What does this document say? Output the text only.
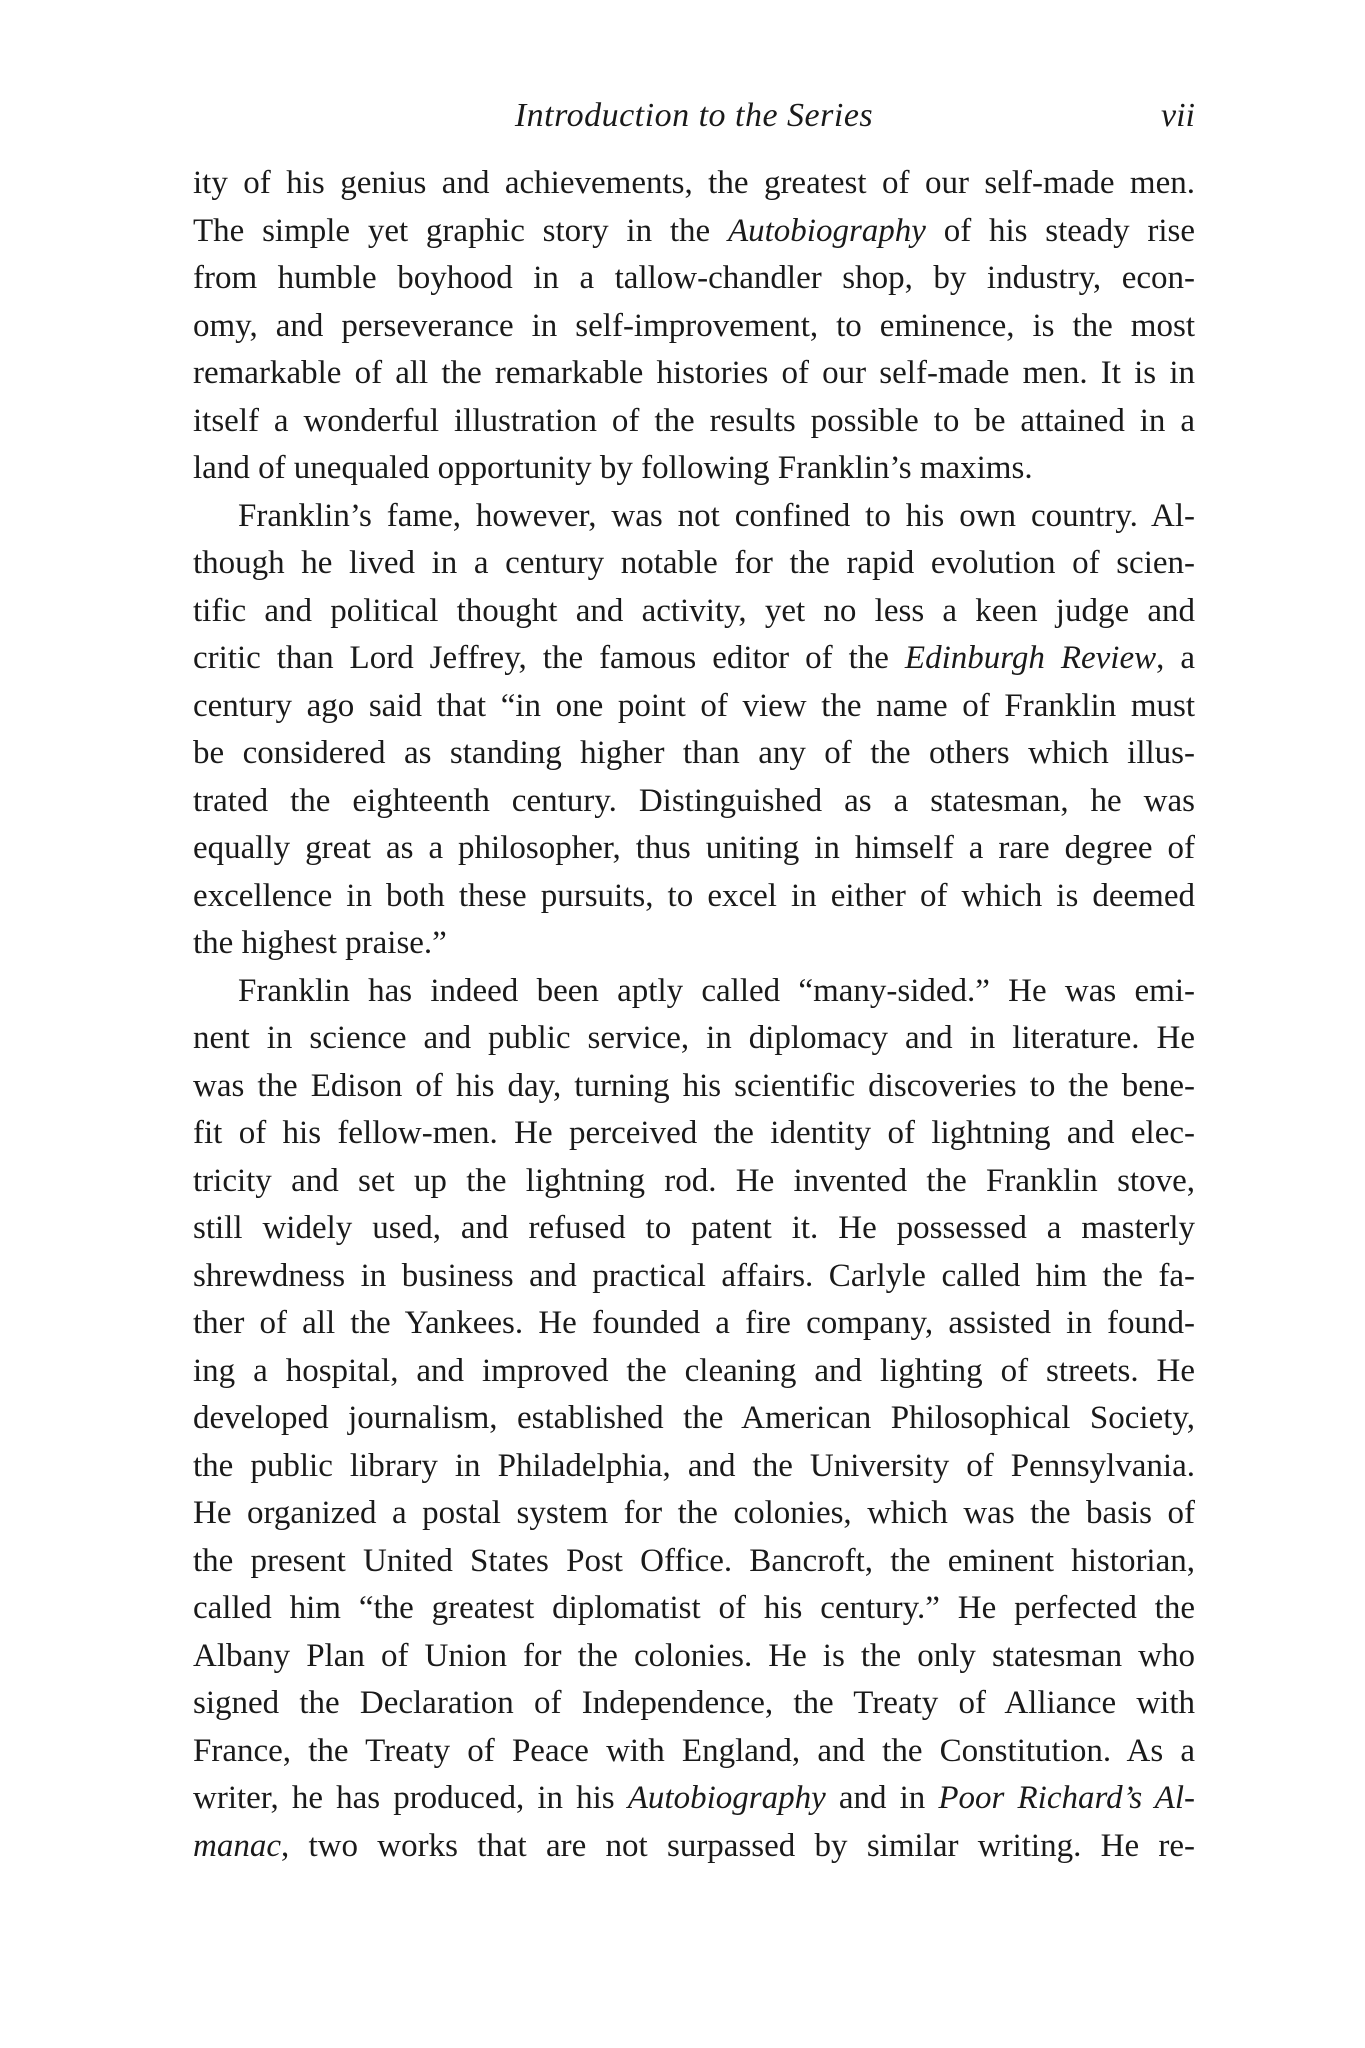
Introduction to the Series	vii
ity of his genius and achievements, the greatest of our self-made men.
The simple yet graphic story in the Autobiography of his steady rise
from humble boyhood in a tallow-chandler shop, by industry, econ-
omy, and perseverance in self-improvement, to eminence, is the most
remarkable of all the remarkable histories of our self-made men. It is in
itself a wonderful illustration of the results possible to be attained in a
land of unequaled opportunity by following Franklin’s maxims.
Franklin’s fame, however, was not confined to his own country. Al-
though he lived in a century notable for the rapid evolution of scien-
tific and political thought and activity, yet no less a keen judge and
critic than Lord Jeffrey, the famous editor of the Edinburgh Review, a
century ago said that “in one point of view the name of Franklin must
be considered as standing higher than any of the others which illus-
trated the eighteenth century. Distinguished as a statesman, he was
equally great as a philosopher, thus uniting in himself a rare degree of
excellence in both these pursuits, to excel in either of which is deemed
the highest praise.”
Franklin has indeed been aptly called “many-sided.” He was emi-
nent in science and public service, in diplomacy and in literature. He
was the Edison of his day, turning his scientific discoveries to the bene-
fit of his fellow-men. He perceived the identity of lightning and elec-
tricity and set up the lightning rod. He invented the Franklin stove,
still widely used, and refused to patent it. He possessed a masterly
shrewdness in business and practical affairs. Carlyle called him the fa-
ther of all the Yankees. He founded a fire company, assisted in found-
ing a hospital, and improved the cleaning and lighting of streets. He
developed journalism, established the American Philosophical Society,
the public library in Philadelphia, and the University of Pennsylvania.
He organized a postal system for the colonies, which was the basis of
the present United States Post Office. Bancroft, the eminent historian,
called him “the greatest diplomatist of his century.” He perfected the
Albany Plan of Union for the colonies. He is the only statesman who
signed the Declaration of Independence, the Treaty of Alliance with
France, the Treaty of Peace with England, and the Constitution. As a
writer, he has produced, in his Autobiography and in Poor Richard’s Al-
manac, two works that are not surpassed by similar writing. He re-
